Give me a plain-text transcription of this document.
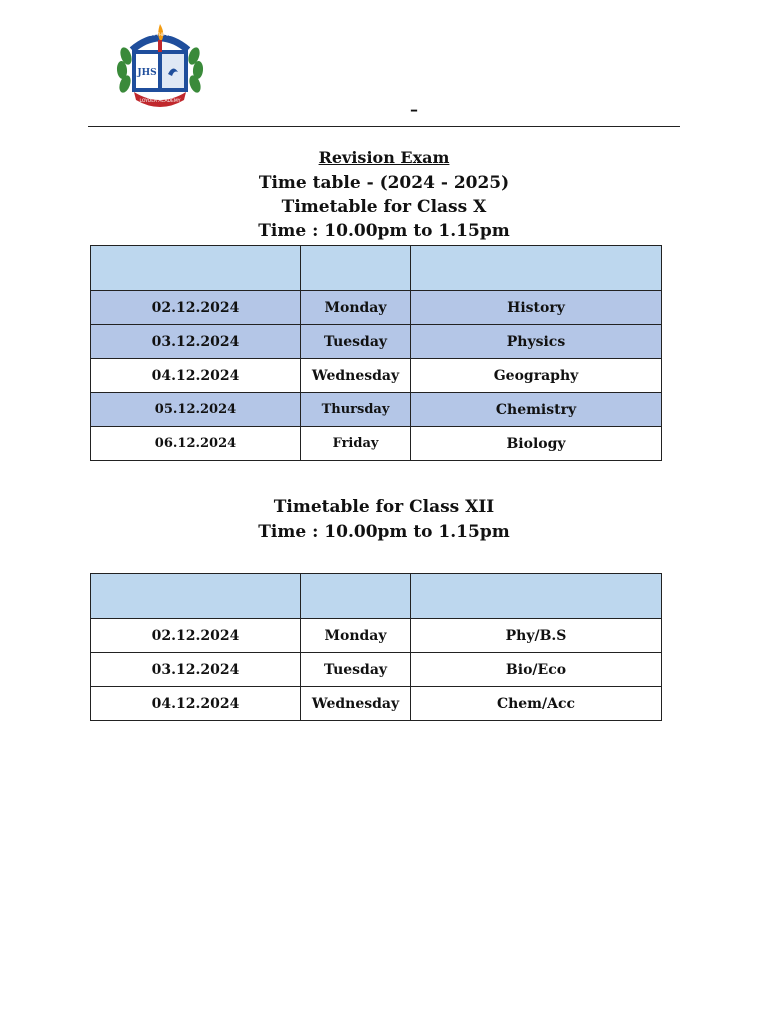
JHS
LOYOLA ACADEMY
NOT FOR THE SCHOOL
–
Revision Exam
Time table - (2024 - 2025)
Timetable for Class X
Time : 10.00pm to 1.15pm

02.12.2024	Monday	History
03.12.2024	Tuesday	Physics
04.12.2024	Wednesday	Geography
05.12.2024	Thursday	Chemistry
06.12.2024	Friday	Biology
Timetable for Class XII
Time : 10.00pm to 1.15pm

02.12.2024	Monday	Phy/B.S
03.12.2024	Tuesday	Bio/Eco
04.12.2024	Wednesday	Chem/Acc
